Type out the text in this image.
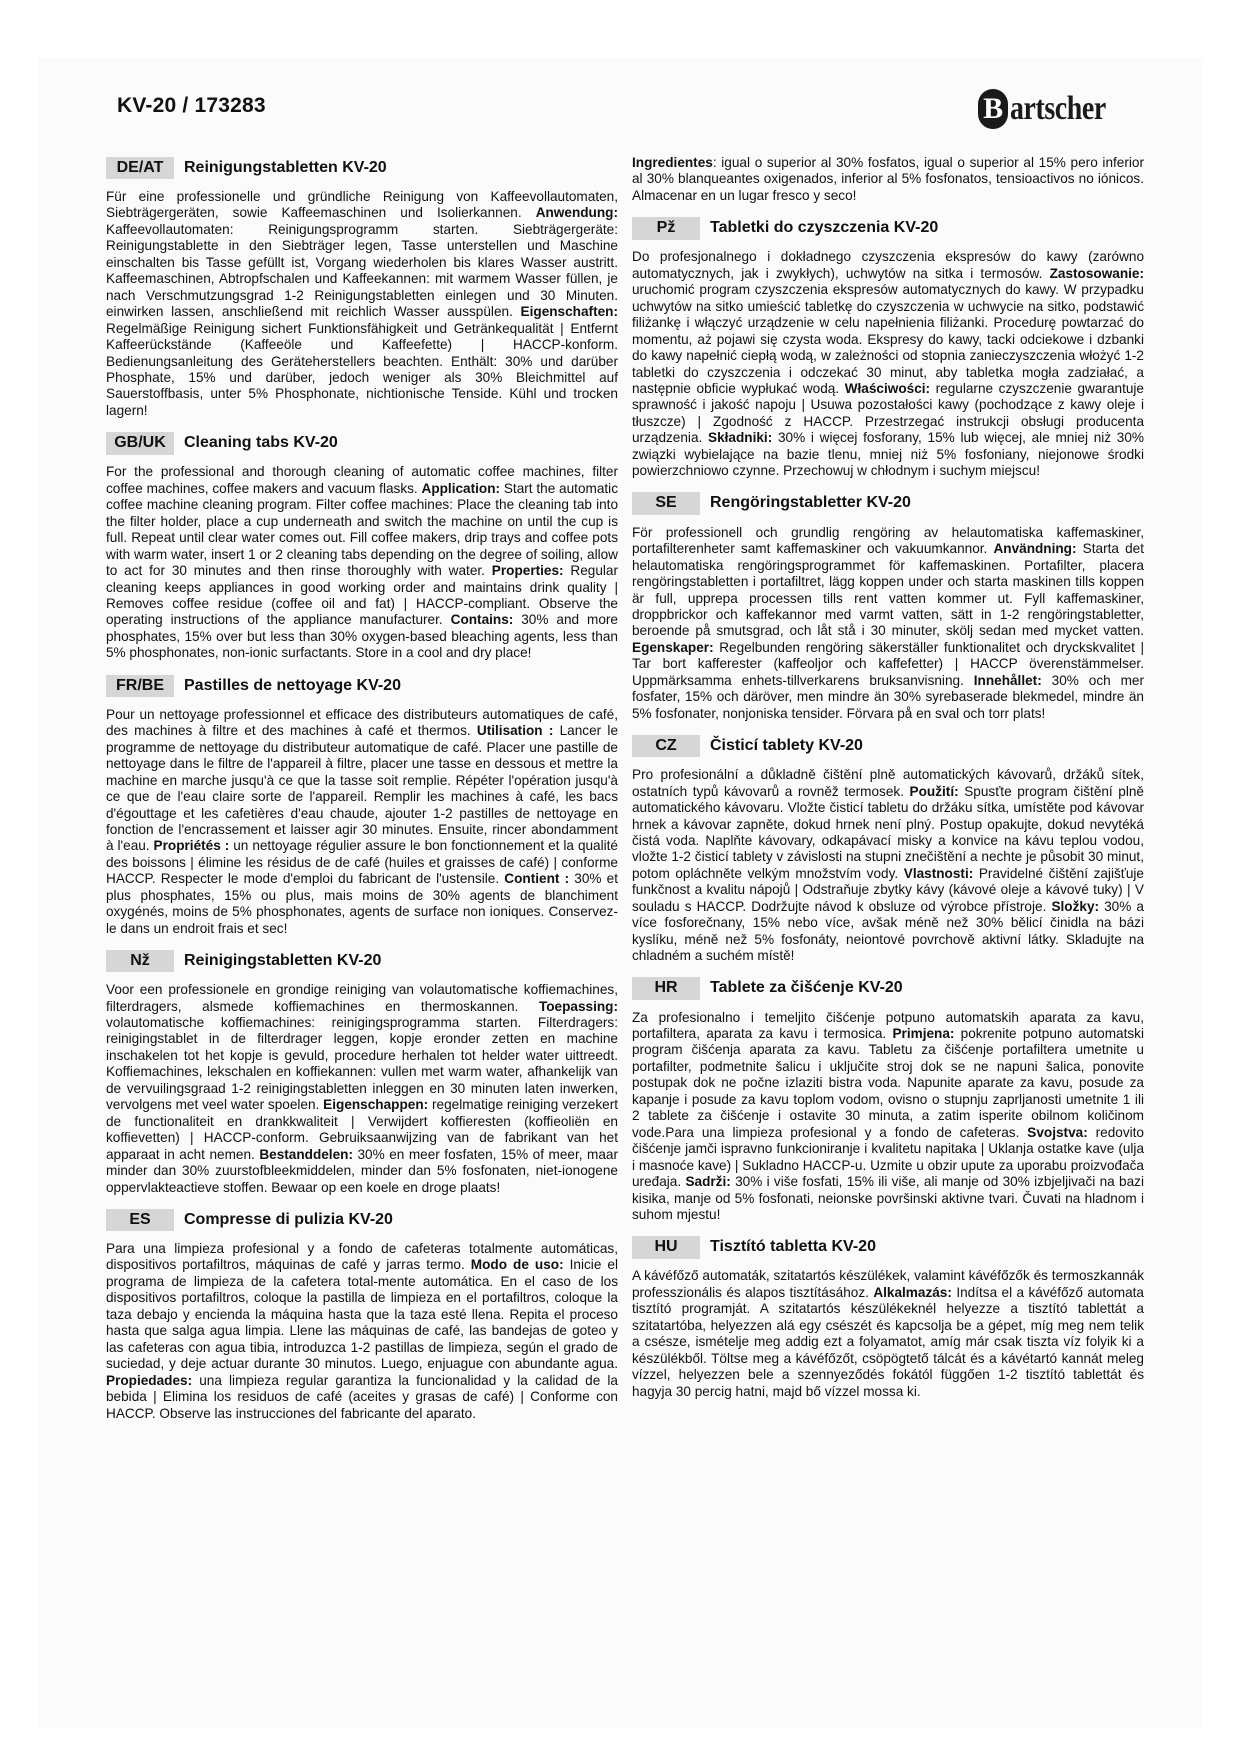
KV-20 / 173283	B artscher
DE/AT	Reinigungstabletten KV-20

Für eine professionelle und gründliche Reinigung von Kaffeevollautomaten, Siebträgergeräten, sowie Kaffeemaschinen und Isolierkannen. Anwendung: Kaffeevollautomaten: Reinigungsprogramm starten. Siebträgergeräte: Reinigungstablette in den Siebträger legen, Tasse unterstellen und Maschine einschalten bis Tasse gefüllt ist, Vorgang wiederholen bis klares Wasser austritt. Kaffeemaschinen, Abtropfschalen und Kaffeekannen: mit warmem Wasser füllen, je nach Verschmutzungsgrad 1-2 Reinigungstabletten einlegen und 30 Minuten. einwirken lassen, anschließend mit reichlich Wasser ausspülen. Eigenschaften: Regelmäßige Reinigung sichert Funktionsfähigkeit und Getränkequalität | Entfernt Kaffeerückstände (Kaffeeöle und Kaffeefette) | HACCP-konform. Bedienungsanleitung des Geräteherstellers beachten. Enthält: 30% und darüber Phosphate, 15% und darüber, jedoch weniger als 30% Bleichmittel auf Sauerstoffbasis, unter 5% Phosphonate, nichtionische Tenside. Kühl und trocken lagern!

GB/UK	Cleaning tabs KV-20

For the professional and thorough cleaning of automatic coffee machines, filter coffee machines, coffee makers and vacuum flasks. Application: Start the automatic coffee machine cleaning program. Filter coffee machines: Place the cleaning tab into the filter holder, place a cup underneath and switch the machine on until the cup is full. Repeat until clear water comes out. Fill coffee makers, drip trays and coffee pots with warm water, insert 1 or 2 cleaning tabs depending on the degree of soiling, allow to act for 30 minutes and then rinse thoroughly with water. Properties: Regular cleaning keeps appliances in good working order and maintains drink quality | Removes coffee residue (coffee oil and fat) | HACCP-compliant. Observe the operating instructions of the appliance manufacturer. Contains: 30% and more phosphates, 15% over but less than 30% oxygen-based bleaching agents, less than 5% phosphonates, non-ionic surfactants. Store in a cool and dry place!

FR/BE	Pastilles de nettoyage KV-20

Pour un nettoyage professionnel et efficace des distributeurs automatiques de café, des machines à filtre et des machines à café et thermos. Utilisation : Lancer le programme de nettoyage du distributeur automatique de café. Placer une pastille de nettoyage dans le filtre de l'appareil à filtre, placer une tasse en dessous et mettre la machine en marche jusqu'à ce que la tasse soit remplie. Répéter l'opération jusqu'à ce que de l'eau claire sorte de l'appareil. Remplir les machines à café, les bacs d'égouttage et les cafetières d'eau chaude, ajouter 1-2 pastilles de nettoyage en fonction de l'encrassement et laisser agir 30 minutes. Ensuite, rincer abondamment à l'eau. Propriétés : un nettoyage régulier assure le bon fonctionnement et la qualité des boissons | élimine les résidus de de café (huiles et graisses de café) | conforme HACCP. Respecter le mode d'emploi du fabricant de l'ustensile. Contient : 30% et plus phosphates, 15% ou plus, mais moins de 30% agents de blanchiment oxygénés, moins de 5% phosphonates, agents de surface non ioniques. Conservez-le dans un endroit frais et sec!

Nž	Reinigingstabletten KV-20

Voor een professionele en grondige reiniging van volautomatische koffiemachines, filterdragers, alsmede koffiemachines en thermoskannen. Toepassing: volautomatische koffiemachines: reinigingsprogramma starten. Filterdragers: reinigingstablet in de filterdrager leggen, kopje eronder zetten en machine inschakelen tot het kopje is gevuld, procedure herhalen tot helder water uittreedt. Koffiemachines, lekschalen en koffiekannen: vullen met warm water, afhankelijk van de vervuilingsgraad 1-2 reinigingstabletten inleggen en 30 minuten laten inwerken, vervolgens met veel water spoelen. Eigenschappen: regelmatige reiniging verzekert de functionaliteit en drankkwaliteit | Verwijdert koffieresten (koffieoliën en koffievetten) | HACCP-conform. Gebruiksaanwijzing van de fabrikant van het apparaat in acht nemen. Bestanddelen: 30% en meer fosfaten, 15% of meer, maar minder dan 30% zuurstofbleekmiddelen, minder dan 5% fosfonaten, niet-ionogene oppervlakteactieve stoffen. Bewaar op een koele en droge plaats!

ES	Compresse di pulizia KV-20

Para una limpieza profesional y a fondo de cafeteras totalmente automáticas, dispositivos portafiltros, máquinas de café y jarras termo. Modo de uso: Inicie el programa de limpieza de la cafetera total-mente automática. En el caso de los dispositivos portafiltros, coloque la pastilla de limpieza en el portafiltros, coloque la taza debajo y encienda la máquina hasta que la taza esté llena. Repita el proceso hasta que salga agua limpia. Llene las máquinas de café, las bandejas de goteo y las cafeteras con agua tibia, introduzca 1-2 pastillas de limpieza, según el grado de suciedad, y deje actuar durante 30 minutos. Luego, enjuague con abundante agua. Propiedades: una limpieza regular garantiza la funcionalidad y la calidad de la bebida | Elimina los residuos de café (aceites y grasas de café) | Conforme con HACCP. Observe las instrucciones del fabricante del aparato.

Ingredientes: igual o superior al 30% fosfatos, igual o superior al 15% pero inferior al 30% blanqueantes oxigenados, inferior al 5% fosfonatos, tensioactivos no iónicos. Almacenar en un lugar fresco y seco!

Pž	Tabletki do czyszczenia KV-20

Do profesjonalnego i dokładnego czyszczenia ekspresów do kawy (zarówno automatycznych, jak i zwykłych), uchwytów na sitka i termosów. Zastosowanie: uruchomić program czyszczenia ekspresów automatycznych do kawy. W przypadku uchwytów na sitko umieścić tabletkę do czyszczenia w uchwycie na sitko, podstawić filiżankę i włączyć urządzenie w celu napełnienia filiżanki. Procedurę powtarzać do momentu, aż pojawi się czysta woda. Ekspresy do kawy, tacki odciekowe i dzbanki do kawy napełnić ciepłą wodą, w zależności od stopnia zanieczyszczenia włożyć 1-2 tabletki do czyszczenia i odczekać 30 minut, aby tabletka mogła zadziałać, a następnie obficie wypłukać wodą. Właściwości: regularne czyszczenie gwarantuje sprawność i jakość napoju | Usuwa pozostałości kawy (pochodzące z kawy oleje i tłuszcze) | Zgodność z HACCP. Przestrzegać instrukcji obsługi producenta urządzenia. Składniki: 30% i więcej fosforany, 15% lub więcej, ale mniej niż 30% związki wybielające na bazie tlenu, mniej niż 5% fosfoniany, niejonowe środki powierzchniowo czynne. Przechowuj w chłodnym i suchym miejscu!

SE	Rengöringstabletter KV-20

För professionell och grundlig rengöring av helautomatiska kaffemaskiner, portafilterenheter samt kaffemaskiner och vakuumkannor. Användning: Starta det helautomatiska rengöringsprogrammet för kaffemaskinen. Portafilter, placera rengöringstabletten i portafiltret, lägg koppen under och starta maskinen tills koppen är full, upprepa processen tills rent vatten kommer ut. Fyll kaffemaskiner, droppbrickor och kaffekannor med varmt vatten, sätt in 1-2 rengöringstabletter, beroende på smutsgrad, och låt stå i 30 minuter, skölj sedan med mycket vatten. Egenskaper: Regelbunden rengöring säkerställer funktionalitet och dryckskvalitet | Tar bort kafferester (kaffeoljor och kaffefetter) | HACCP överenstämmelser. Uppmärksamma enhets-tillverkarens bruksanvisning. Innehållet: 30% och mer fosfater, 15% och däröver, men mindre än 30% syrebaserade blekmedel, mindre än 5% fosfonater, nonjoniska tensider. Förvara på en sval och torr plats!

CZ	Čisticí tablety KV-20

Pro profesionální a důkladně čištění plně automatických kávovarů, držáků sítek, ostatních typů kávovarů a rovněž termosek. Použití: Spusťte program čištění plně automatického kávovaru. Vložte čisticí tabletu do držáku sítka, umístěte pod kávovar hrnek a kávovar zapněte, dokud hrnek není plný. Postup opakujte, dokud nevytéká čistá voda. Naplňte kávovary, odkapávací misky a konvice na kávu teplou vodou, vložte 1-2 čisticí tablety v závislosti na stupni znečištění a nechte je působit 30 minut, potom opláchněte velkým množstvím vody. Vlastnosti: Pravidelné čištění zajišťuje funkčnost a kvalitu nápojů | Odstraňuje zbytky kávy (kávové oleje a kávové tuky) | V souladu s HACCP. Dodržujte návod k obsluze od výrobce přístroje. Složky: 30% a více fosforečnany, 15% nebo více, avšak méně než 30% bělicí činidla na bázi kyslíku, méně než 5% fosfonáty, neiontové povrchově aktivní látky. Skladujte na chladném a suchém místě!

HR	Tablete za čišćenje KV-20

Za profesionalno i temeljito čišćenje potpuno automatskih aparata za kavu, portafiltera, aparata za kavu i termosica. Primjena: pokrenite potpuno automatski program čišćenja aparata za kavu. Tabletu za čišćenje portafiltera umetnite u portafilter, podmetnite šalicu i uključite stroj dok se ne napuni šalica, ponovite postupak dok ne počne izlaziti bistra voda. Napunite aparate za kavu, posude za kapanje i posude za kavu toplom vodom, ovisno o stupnju zaprljanosti umetnite 1 ili 2 tablete za čišćenje i ostavite 30 minuta, a zatim isperite obilnom količinom vode.Para una limpieza profesional y a fondo de cafeteras. Svojstva: redovito čišćenje jamči ispravno funkcioniranje i kvalitetu napitaka | Uklanja ostatke kave (ulja i masnoće kave) | Sukladno HACCP-u. Uzmite u obzir upute za uporabu proizvođača uređaja. Sadrži: 30% i više fosfati, 15% ili više, ali manje od 30% izbjeljivači na bazi kisika, manje od 5% fosfonati, neionske površinski aktivne tvari. Čuvati na hladnom i suhom mjestu!

HU	Tisztító tabletta KV-20

A kávéfőző automaták, szitatartós készülékek, valamint kávéfőzők és termoszkannák professzionális és alapos tisztításához. Alkalmazás: Indítsa el a kávéfőző automata tisztító programját. A szitatartós készülékeknél helyezze a tisztító tablettát a szitatartóba, helyezzen alá egy csészét és kapcsolja be a gépet, míg meg nem telik a csésze, ismételje meg addig ezt a folyamatot, amíg már csak tiszta víz folyik ki a készülékből. Töltse meg a kávéfőzőt, csöpögtető tálcát és a kávétartó kannát meleg vízzel, helyezzen bele a szennyeződés fokától függően 1-2 tisztító tablettát és hagyja 30 percig hatni, majd bő vízzel mossa ki.
